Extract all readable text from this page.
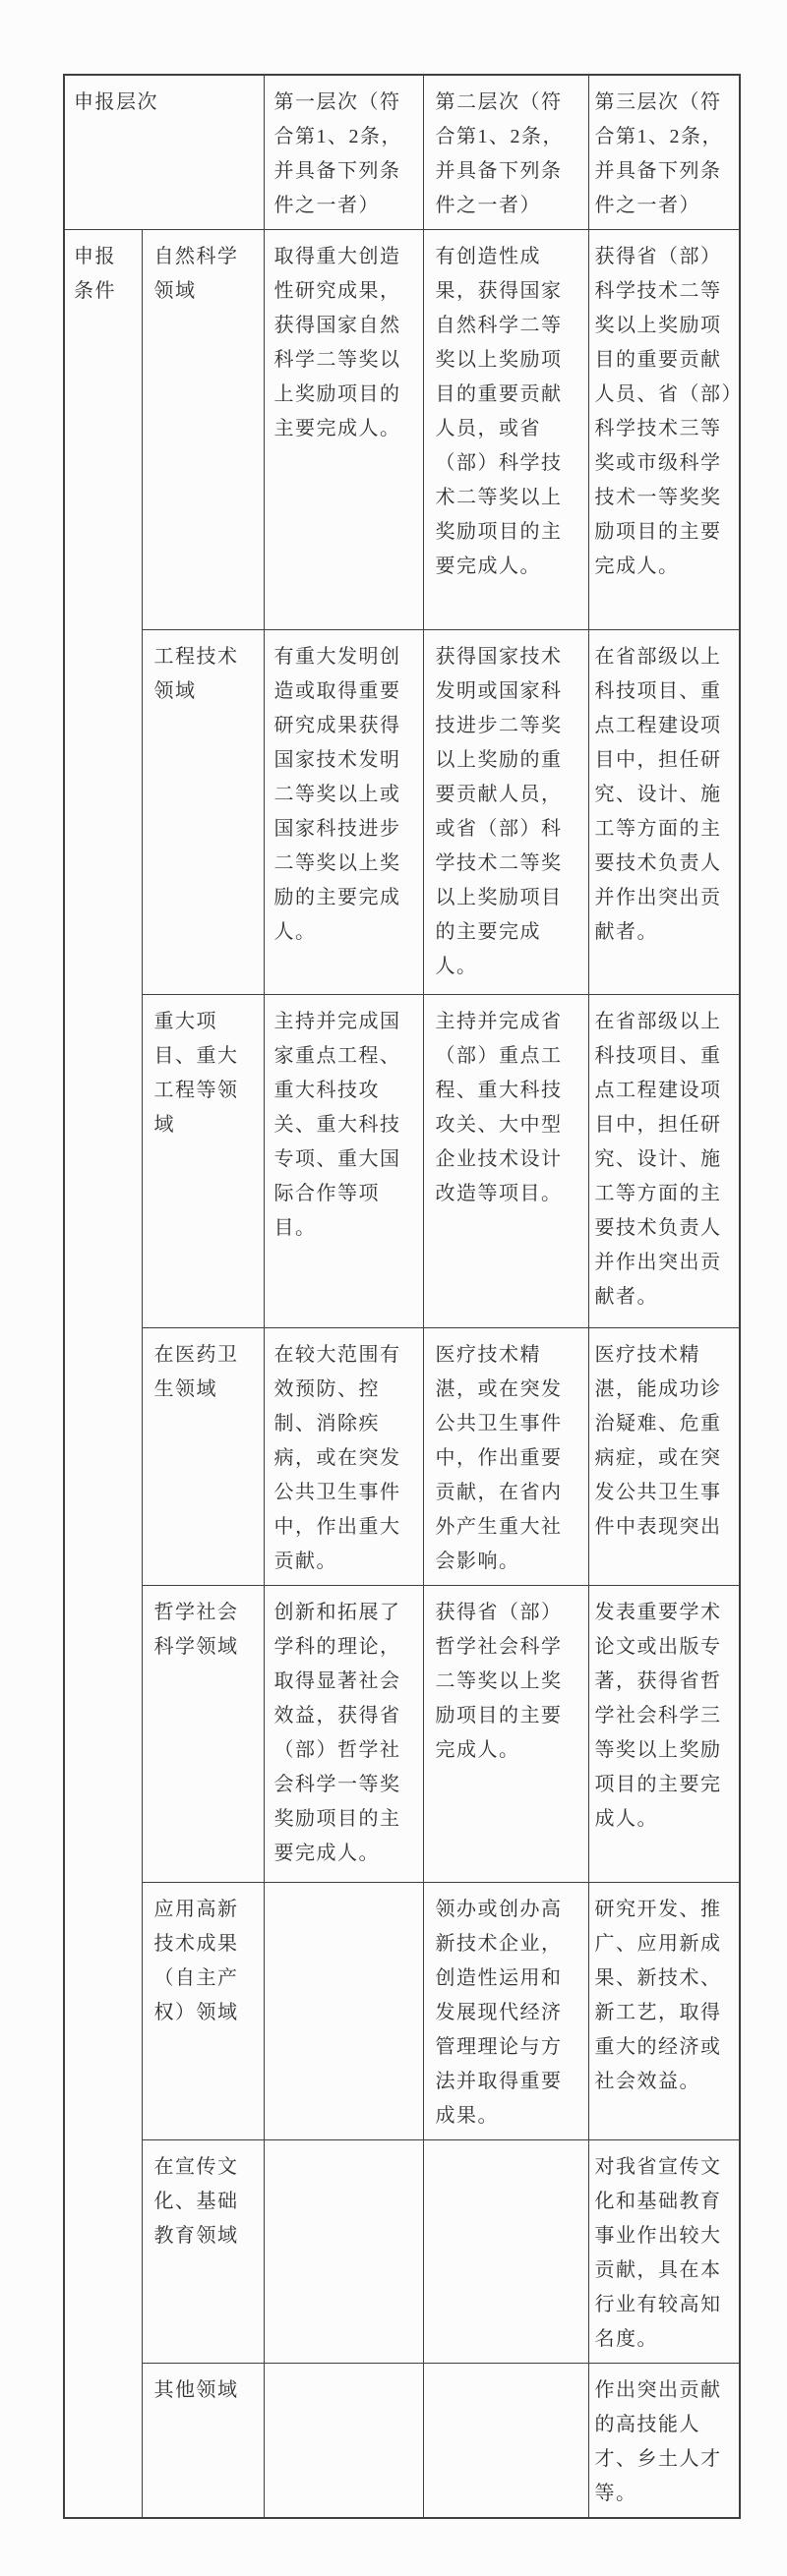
申报层次		第一层次（符合第1、2条，并具备下列条件之一者）	第二层次（符合第1、2条，并具备下列条件之一者）	第三层次（符合第1、2条，并具备下列条件之一者）
申报条件	自然科学领域	取得重大创造性研究成果，获得国家自然科学二等奖以上奖励项目的主要完成人。	有创造性成果，获得国家自然科学二等奖以上奖励项目的重要贡献人员，或省（部）科学技术二等奖以上奖励项目的主要完成人。	获得省（部）科学技术二等奖以上奖励项目的重要贡献人员、省（部）科学技术三等奖或市级科学技术一等奖奖励项目的主要完成人。
	工程技术领域	有重大发明创造或取得重要研究成果获得国家技术发明二等奖以上或国家科技进步二等奖以上奖励的主要完成人。	获得国家技术发明或国家科技进步二等奖以上奖励的重要贡献人员，或省（部）科学技术二等奖以上奖励项目的主要完成人。	在省部级以上科技项目、重点工程建设项目中，担任研究、设计、施工等方面的主要技术负责人并作出突出贡献者。
	重大项目、重大工程等领域	主持并完成国家重点工程、重大科技攻关、重大科技专项、重大国际合作等项目。	主持并完成省（部）重点工程、重大科技攻关、大中型企业技术设计改造等项目。	在省部级以上科技项目、重点工程建设项目中，担任研究、设计、施工等方面的主要技术负责人并作出突出贡献者。
	在医药卫生领域	在较大范围有效预防、控制、消除疾病，或在突发公共卫生事件中，作出重大贡献。	医疗技术精湛，或在突发公共卫生事件中，作出重要贡献，在省内外产生重大社会影响。	医疗技术精湛，能成功诊治疑难、危重病症，或在突发公共卫生事件中表现突出
	哲学社会科学领域	创新和拓展了学科的理论，取得显著社会效益，获得省（部）哲学社会科学一等奖奖励项目的主要完成人。	获得省（部）哲学社会科学二等奖以上奖励项目的主要完成人。	发表重要学术论文或出版专著，获得省哲学社会科学三等奖以上奖励项目的主要完成人。
	应用高新技术成果（自主产权）领域		领办或创办高新技术企业，创造性运用和发展现代经济管理理论与方法并取得重要成果。	研究开发、推广、应用新成果、新技术、新工艺，取得重大的经济或社会效益。
	在宣传文化、基础教育领域			对我省宣传文化和基础教育事业作出较大贡献，具在本行业有较高知名度。
	其他领域			作出突出贡献的高技能人才、乡土人才等。
